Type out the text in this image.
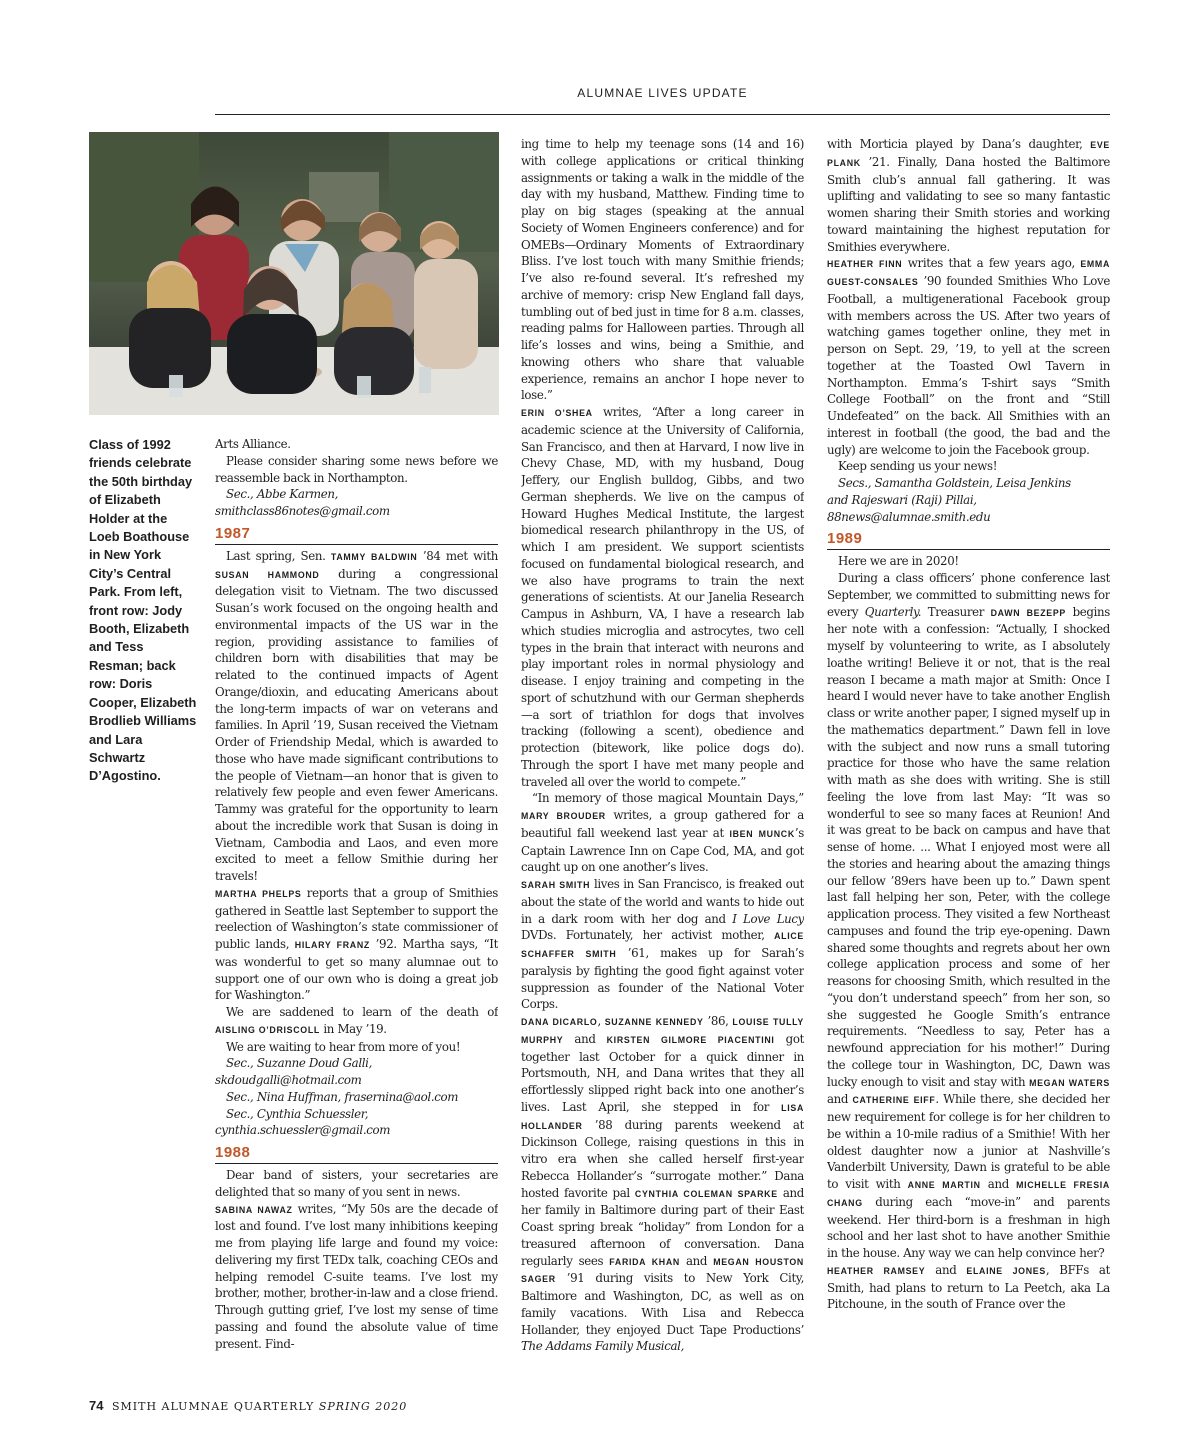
ALUMNAE LIVES UPDATE
Class of 1992 friends celebrate the 50th birthday of Elizabeth Holder at the Loeb Boathouse in New York City’s Central Park. From left, front row: Jody Booth, Elizabeth and Tess Resman; back row: Doris Cooper, Elizabeth Brodlieb Williams and Lara Schwartz D’Agostino.

Arts Alliance.

Please consider sharing some news before we reassemble back in Northampton.

Sec., Abbe Karmen,

smithclass86notes@gmail.com

1987

Last spring, Sen. TAMMY BALDWIN ’84 met with SUSAN HAMMOND during a congressional delegation visit to Vietnam. The two discussed Susan’s work focused on the ongoing health and environmental impacts of the US war in the region, providing assistance to families of children born with disabilities that may be related to the continued impacts of Agent Orange/dioxin, and educating Americans about the long-term impacts of war on veterans and families. In April ’19, Susan received the Vietnam Order of Friendship Medal, which is awarded to those who have made significant contributions to the people of Vietnam—an honor that is given to relatively few people and even fewer Americans. Tammy was grateful for the opportunity to learn about the incredible work that Susan is doing in Vietnam, Cambodia and Laos, and even more excited to meet a fellow Smithie during her travels!

MARTHA PHELPS reports that a group of Smithies gathered in Seattle last September to support the reelection of Washington’s state commissioner of public lands, HILARY FRANZ ’92. Martha says, “It was wonderful to get so many alumnae out to support one of our own who is doing a great job for Washington.”

We are saddened to learn of the death of AISLING O’DRISCOLL in May ’19.

We are waiting to hear from more of you!

Sec., Suzanne Doud Galli,

skdoudgalli@hotmail.com

Sec., Nina Huffman, frasernina@aol.com

Sec., Cynthia Schuessler,

cynthia.schuessler@gmail.com

1988

Dear band of sisters, your secretaries are delighted that so many of you sent in news.

SABINA NAWAZ writes, “My 50s are the decade of lost and found. I’ve lost many inhibitions keeping me from playing life large and found my voice: delivering my first TEDx talk, coaching CEOs and helping remodel C-suite teams. I’ve lost my brother, mother, brother-in-law and a close friend. Through gutting grief, I’ve lost my sense of time passing and found the absolute value of time present. Find-

ing time to help my teenage sons (14 and 16) with college applications or critical thinking assignments or taking a walk in the middle of the day with my husband, Matthew. Finding time to play on big stages (speaking at the annual Society of Women Engineers conference) and for OMEBs—Ordinary Moments of Extraordinary Bliss. I’ve lost touch with many Smithie friends; I’ve also re-found several. It’s refreshed my archive of memory: crisp New England fall days, tumbling out of bed just in time for 8 a.m. classes, reading palms for Halloween parties. Through all life’s losses and wins, being a Smithie, and knowing others who share that valuable experience, remains an anchor I hope never to lose.”

ERIN O’SHEA writes, “After a long career in academic science at the University of California, San Francisco, and then at Harvard, I now live in Chevy Chase, MD, with my husband, Doug Jeffery, our English bulldog, Gibbs, and two German shepherds. We live on the campus of Howard Hughes Medical Institute, the largest biomedical research philanthropy in the US, of which I am president. We support scientists focused on fundamental biological research, and we also have programs to train the next generations of scientists. At our Janelia Research Campus in Ashburn, VA, I have a research lab which studies microglia and astrocytes, two cell types in the brain that interact with neurons and play important roles in normal physiology and disease. I enjoy training and competing in the sport of schutzhund with our German shepherds—a sort of triathlon for dogs that involves tracking (following a scent), obedience and protection (bitework, like police dogs do). Through the sport I have met many people and traveled all over the world to compete.”

“In memory of those magical Mountain Days,” MARY BROUDER writes, a group gathered for a beautiful fall weekend last year at IBEN MUNCK’s Captain Lawrence Inn on Cape Cod, MA, and got caught up on one another’s lives.

SARAH SMITH lives in San Francisco, is freaked out about the state of the world and wants to hide out in a dark room with her dog and I Love Lucy DVDs. Fortunately, her activist mother, ALICE SCHAFFER SMITH ’61, makes up for Sarah’s paralysis by fighting the good fight against voter suppression as founder of the National Voter Corps.

DANA DICARLO, SUZANNE KENNEDY ’86, LOUISE TULLY MURPHY and KIRSTEN GILMORE PIACENTINI got together last October for a quick dinner in Portsmouth, NH, and Dana writes that they all effortlessly slipped right back into one another’s lives. Last April, she stepped in for LISA HOLLANDER ’88 during parents weekend at Dickinson College, raising questions in this in vitro era when she called herself first-year Rebecca Hollander’s “surrogate mother.” Dana hosted favorite pal CYNTHIA COLEMAN SPARKE and her family in Baltimore during part of their East Coast spring break “holiday” from London for a treasured afternoon of conversation. Dana regularly sees FARIDA KHAN and MEGAN HOUSTON SAGER ’91 during visits to New York City, Baltimore and Washington, DC, as well as on family vacations. With Lisa and Rebecca Hollander, they enjoyed Duct Tape Productions’ The Addams Family Musical,

with Morticia played by Dana’s daughter, EVE PLANK ’21. Finally, Dana hosted the Baltimore Smith club’s annual fall gathering. It was uplifting and validating to see so many fantastic women sharing their Smith stories and working toward maintaining the highest reputation for Smithies everywhere.

HEATHER FINN writes that a few years ago, EMMA GUEST-CONSALES ’90 founded Smithies Who Love Football, a multigenerational Facebook group with members across the US. After two years of watching games together online, they met in person on Sept. 29, ’19, to yell at the screen together at the Toasted Owl Tavern in Northampton. Emma’s T-shirt says “Smith College Football” on the front and “Still Undefeated” on the back. All Smithies with an interest in football (the good, the bad and the ugly) are welcome to join the Facebook group.

Keep sending us your news!

Secs., Samantha Goldstein, Leisa Jenkins

and Rajeswari (Raji) Pillai,

88news@alumnae.smith.edu

1989

Here we are in 2020!

During a class officers’ phone conference last September, we committed to submitting news for every Quarterly. Treasurer DAWN BEZEPP begins her note with a confession: “Actually, I shocked myself by volunteering to write, as I absolutely loathe writing! Believe it or not, that is the real reason I became a math major at Smith: Once I heard I would never have to take another English class or write another paper, I signed myself up in the mathematics department.” Dawn fell in love with the subject and now runs a small tutoring practice for those who have the same relation with math as she does with writing. She is still feeling the love from last May: “It was so wonderful to see so many faces at Reunion! And it was great to be back on campus and have that sense of home. ... What I enjoyed most were all the stories and hearing about the amazing things our fellow ’89ers have been up to.” Dawn spent last fall helping her son, Peter, with the college application process. They visited a few Northeast campuses and found the trip eye-opening. Dawn shared some thoughts and regrets about her own college application process and some of her reasons for choosing Smith, which resulted in the “you don’t understand speech” from her son, so she suggested he Google Smith’s entrance requirements. “Needless to say, Peter has a newfound appreciation for his mother!” During the college tour in Washington, DC, Dawn was lucky enough to visit and stay with MEGAN WATERS and CATHERINE EIFF. While there, she decided her new requirement for college is for her children to be within a 10-mile radius of a Smithie! With her oldest daughter now a junior at Nashville’s Vanderbilt University, Dawn is grateful to be able to visit with ANNE MARTIN and MICHELLE FRESIA CHANG during each “move-in” and parents weekend. Her third-born is a freshman in high school and her last shot to have another Smithie in the house. Any way we can help convince her?

HEATHER RAMSEY and ELAINE JONES, BFFs at Smith, had plans to return to La Peetch, aka La Pitchoune, in the south of France over the

74 SMITH ALUMNAE QUARTERLY SPRING 2020
